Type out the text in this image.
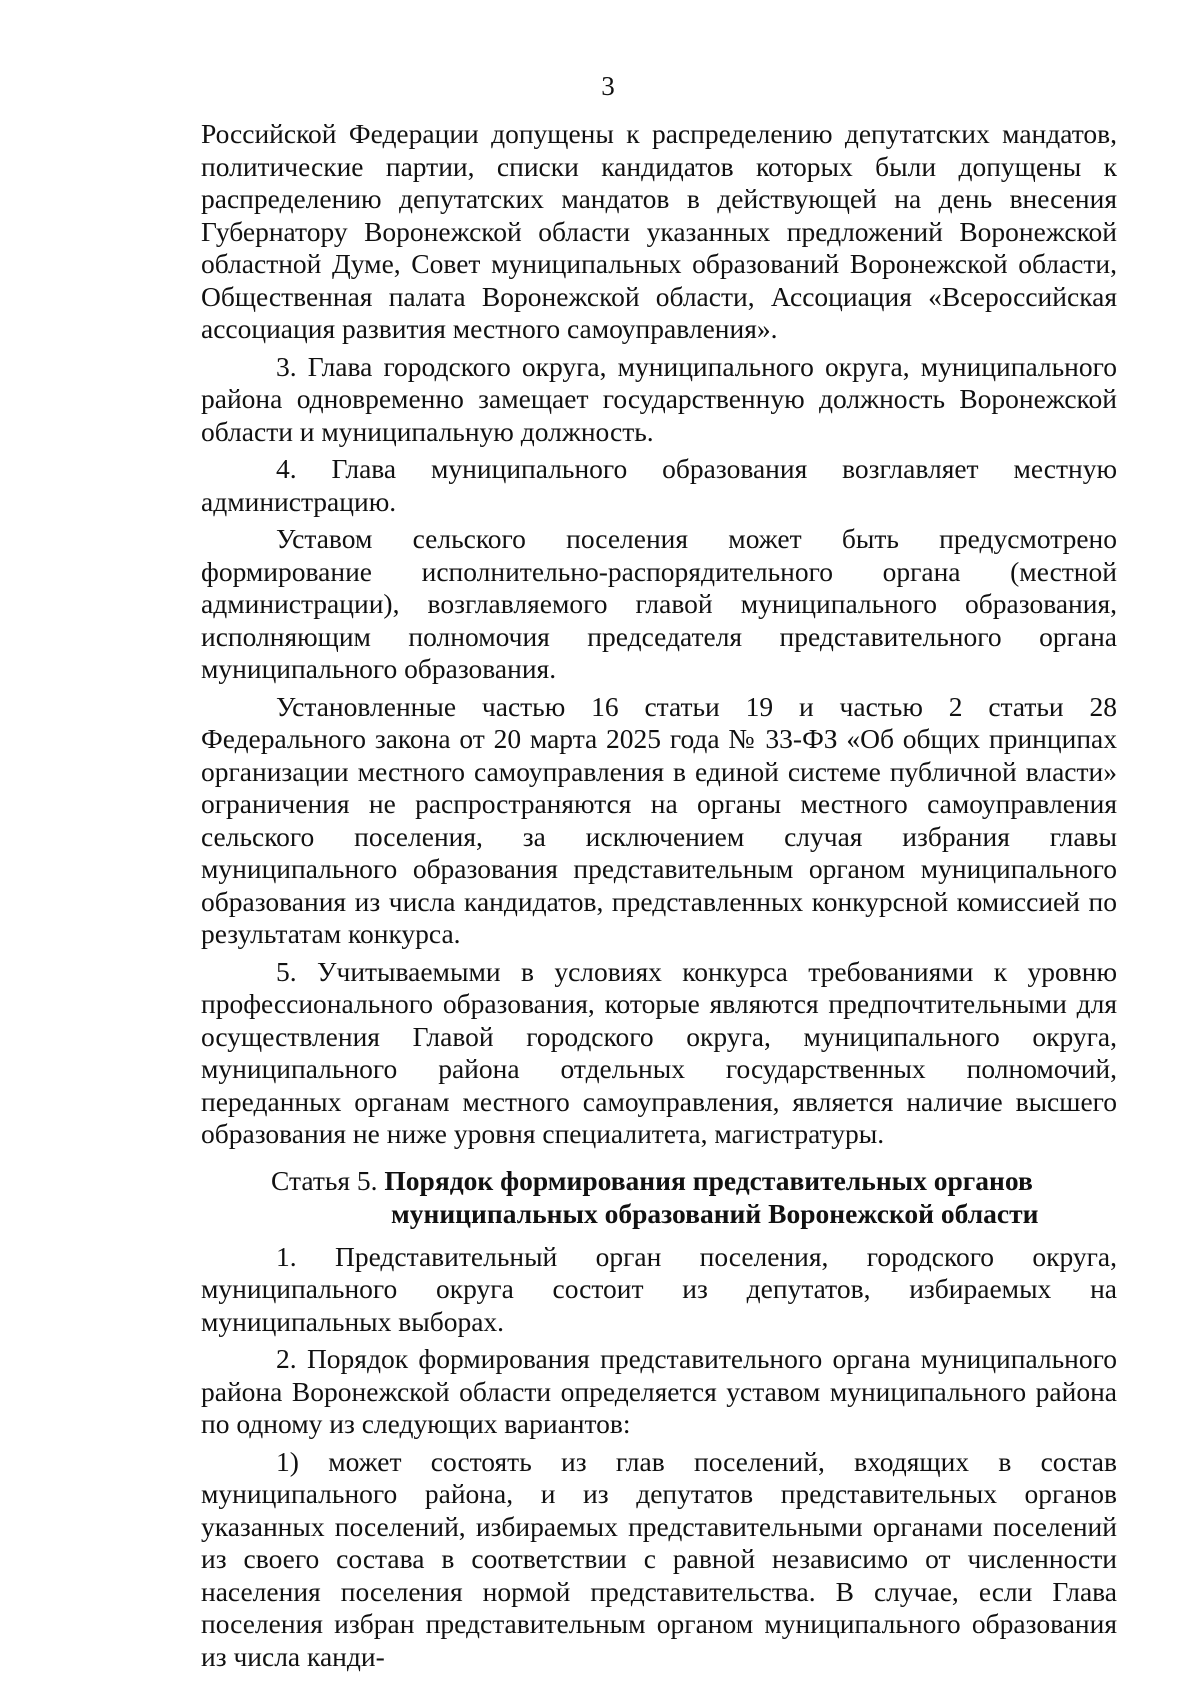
3

Российской Федерации допущены к распределению депутатских мандатов, политические партии, списки кандидатов которых были допущены к распределению депутатских мандатов в действующей на день внесения Губернатору Воронежской области указанных предложений Воронежской областной Думе, Совет муниципальных образований Воронежской области, Общественная палата Воронежской области, Ассоциация «Всероссийская ассоциация развития местного самоуправления».

3. Глава городского округа, муниципального округа, муниципального района одновременно замещает государственную должность Воронежской области и муниципальную должность.

4. Глава муниципального образования возглавляет местную администрацию.

Уставом сельского поселения может быть предусмотрено формирование исполнительно-распорядительного органа (местной администрации), возглавляемого главой муниципального образования, исполняющим полномочия председателя представительного органа муниципального образования.

Установленные частью 16 статьи 19 и частью 2 статьи 28 Федерального закона от 20 марта 2025 года № 33-ФЗ «Об общих принципах организации местного самоуправления в единой системе публичной власти» ограничения не распространяются на органы местного самоуправления сельского поселения, за исключением случая избрания главы муниципального образования представительным органом муниципального образования из числа кандидатов, представленных конкурсной комиссией по результатам конкурса.

5. Учитываемыми в условиях конкурса требованиями к уровню профессионального образования, которые являются предпочтительными для осуществления Главой городского округа, муниципального округа, муниципального района отдельных государственных полномочий, переданных органам местного самоуправления, является наличие высшего образования не ниже уровня специалитета, магистратуры.

Статья 5. Порядок формирования представительных органов
муниципальных образований Воронежской области

1. Представительный орган поселения, городского округа, муниципального округа состоит из депутатов, избираемых на муниципальных выборах.

2. Порядок формирования представительного органа муниципального района Воронежской области определяется уставом муниципального района по одному из следующих вариантов:

1) может состоять из глав поселений, входящих в состав муниципального района, и из депутатов представительных органов указанных поселений, избираемых представительными органами поселений из своего состава в соответствии с равной независимо от численности населения поселения нормой представительства. В случае, если Глава поселения избран представительным органом муниципального образования из числа канди-
